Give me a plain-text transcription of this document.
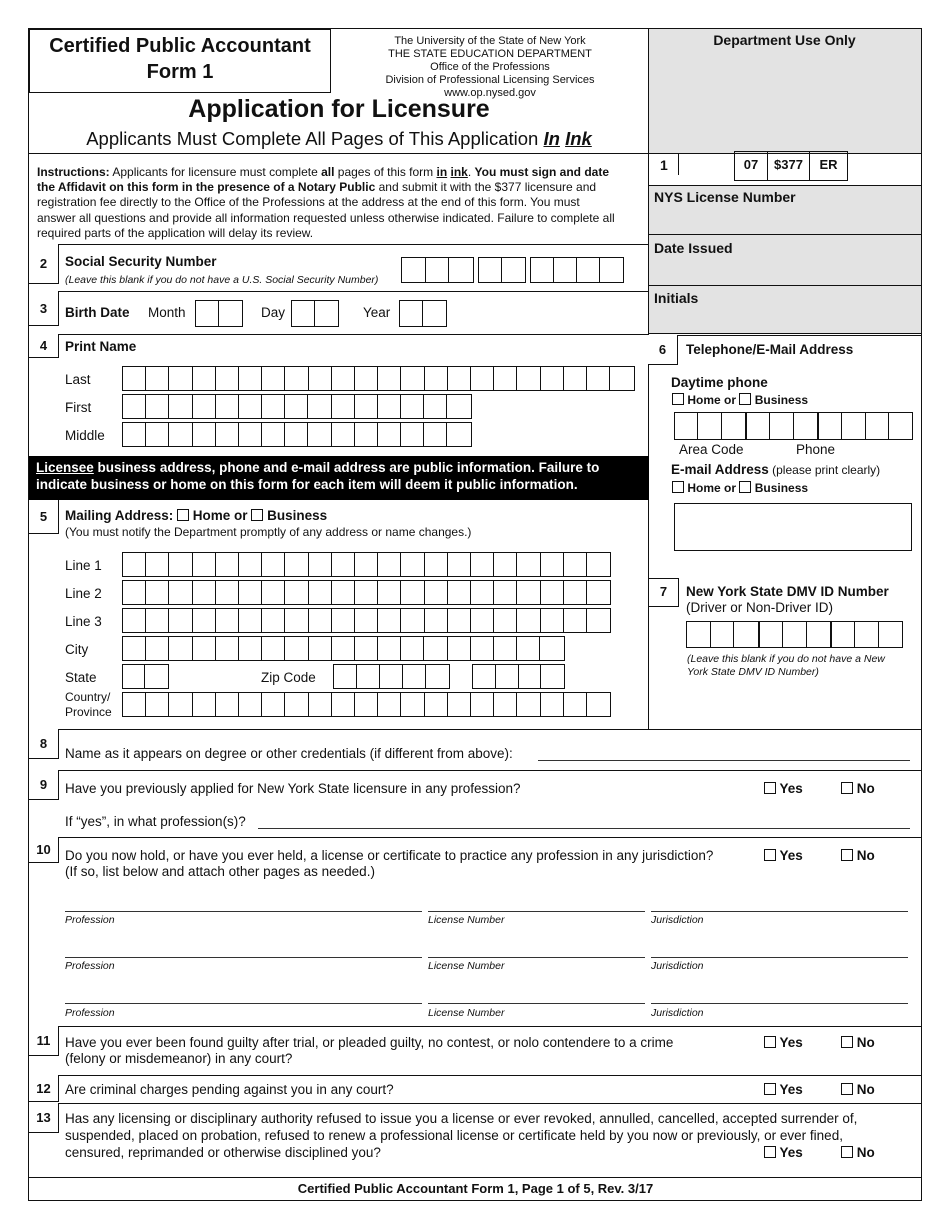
Certified Public Accountant
Form 1
The University of the State of New York
THE STATE EDUCATION DEPARTMENT
Office of the Professions
Division of Professional Licensing Services
www.op.nysed.gov
Application for Licensure
Applicants Must Complete All Pages of This Application In Ink
Department Use Only
1	07	$377	ER
NYS License Number
Date Issued
Initials
Instructions: Applicants for licensure must complete all pages of this form in ink. You must sign and date
the Affidavit on this form in the presence of a Notary Public and submit it with the $377 licensure and
registration fee directly to the Office of the Professions at the address at the end of this form. You must
answer all questions and provide all information requested unless otherwise indicated. Failure to complete all
required parts of the application will delay its review.
2	Social Security Number
(Leave this blank if you do not have a U.S. Social Security Number)
3	Birth Date Month	Day	Year
4	Print Name
Last
First
Middle
Licensee business address, phone and e-mail address are public information. Failure to
indicate business or home on this form for each item will deem it public information.
5	Mailing Address: Home or Business
(You must notify the Department promptly of any address or name changes.)
Line 1
Line 2
Line 3
City
State	Zip Code
Country/
Province
6	Telephone/E-Mail Address
Daytime phone
Home or Business
Area Code	Phone
E-mail Address (please print clearly)
Home or Business
7	New York State DMV ID Number
(Driver or Non-Driver ID)
(Leave this blank if you do not have a New
York State DMV ID Number)
8
Name as it appears on degree or other credentials (if different from above):
9	Have you previously applied for New York State licensure in any profession?	Yes	No
If “yes”, in what profession(s)?
10	Do you now hold, or have you ever held, a license or certificate to practice any profession in any jurisdiction?
(If so, list below and attach other pages as needed.)
Yes	No
Profession	License Number	Jurisdiction
Profession	License Number	Jurisdiction
Profession	License Number	Jurisdiction
11	Have you ever been found guilty after trial, or pleaded guilty, no contest, or nolo contendere to a crime
(felony or misdemeanor) in any court?
Yes	No
12	Are criminal charges pending against you in any court?	Yes	No
13	Has any licensing or disciplinary authority refused to issue you a license or ever revoked, annulled, cancelled, accepted surrender of,
suspended, placed on probation, refused to renew a professional license or certificate held by you now or previously, or ever fined,
censured, reprimanded or otherwise disciplined you?	Yes	No
Certified Public Accountant Form 1, Page 1 of 5, Rev. 3/17
